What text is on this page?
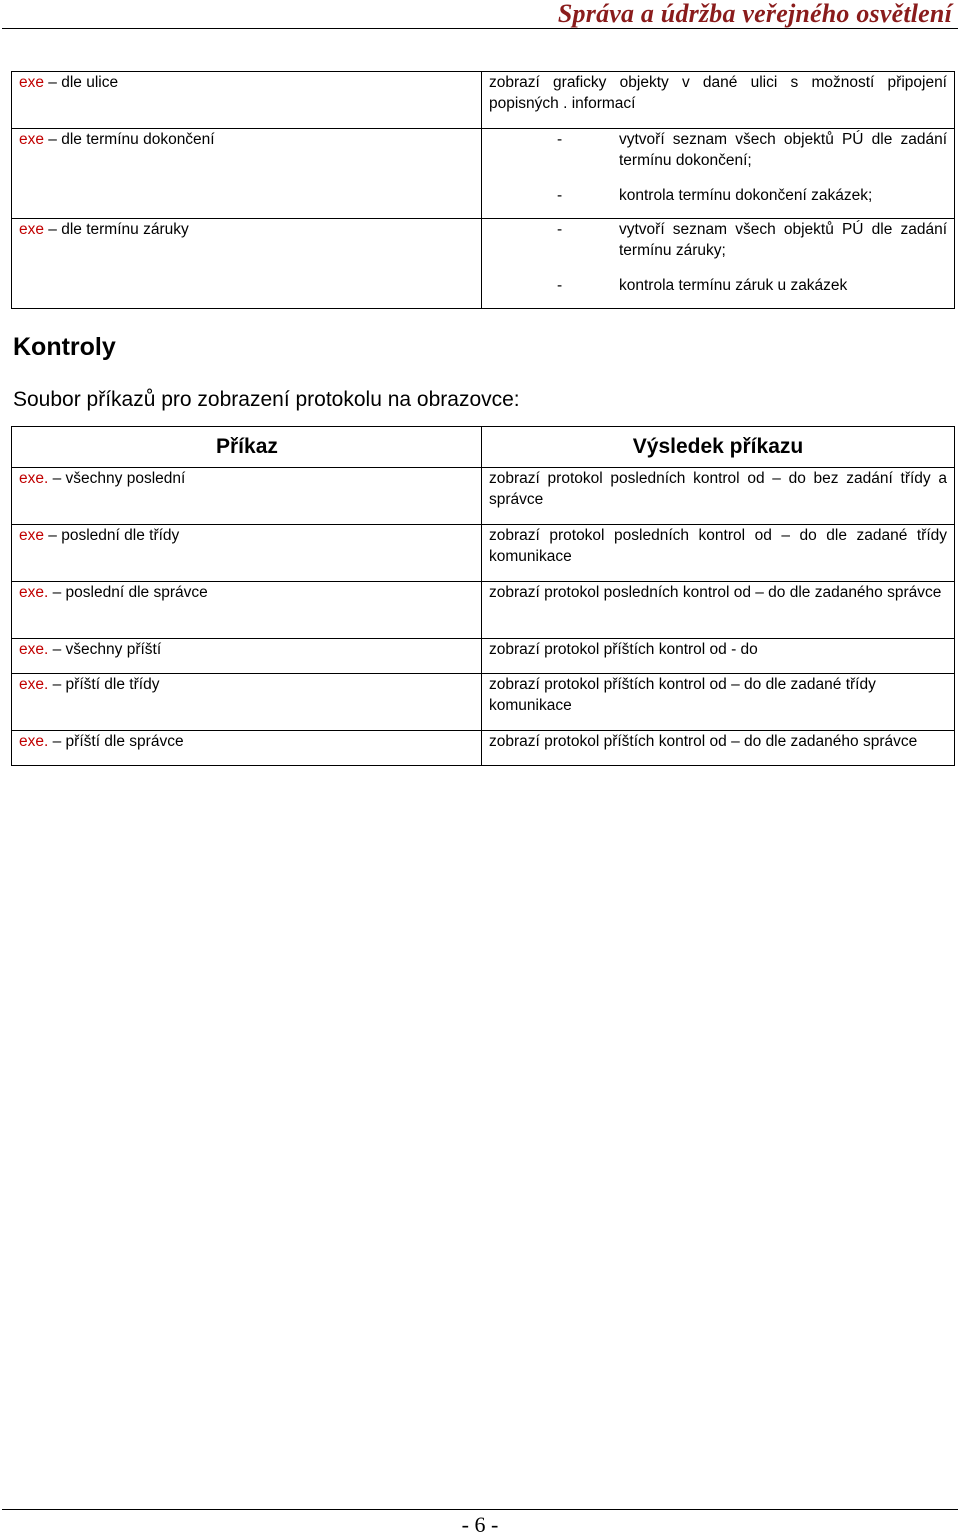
Správa a údržba veřejného osvětlení
exe – dle ulice	zobrazí graficky objekty v dané ulici s možností připojení popisných . informací
exe – dle termínu dokončení	- vytvoří seznam všech objektů PÚ dle zadání termínu dokončení;
- kontrola termínu dokončení zakázek;

exe – dle termínu záruky	- vytvoří seznam všech objektů PÚ dle zadání termínu záruky;
- kontrola termínu záruk u zakázek
Kontroly
Soubor příkazů pro zobrazení protokolu na obrazovce:
Příkaz	Výsledek příkazu
exe. – všechny poslední	zobrazí protokol posledních kontrol od – do bez zadání třídy a správce
exe – poslední dle třídy	zobrazí protokol posledních kontrol od – do dle zadané třídy komunikace
exe. – poslední dle správce	zobrazí protokol posledních kontrol od – do dle zadaného správce
exe. – všechny příští	zobrazí protokol příštích kontrol od - do
exe. – příští dle třídy	zobrazí protokol příštích kontrol od – do dle zadané třídy komunikace
exe. – příští dle správce	zobrazí protokol příštích kontrol od – do dle zadaného správce
- 6 -
